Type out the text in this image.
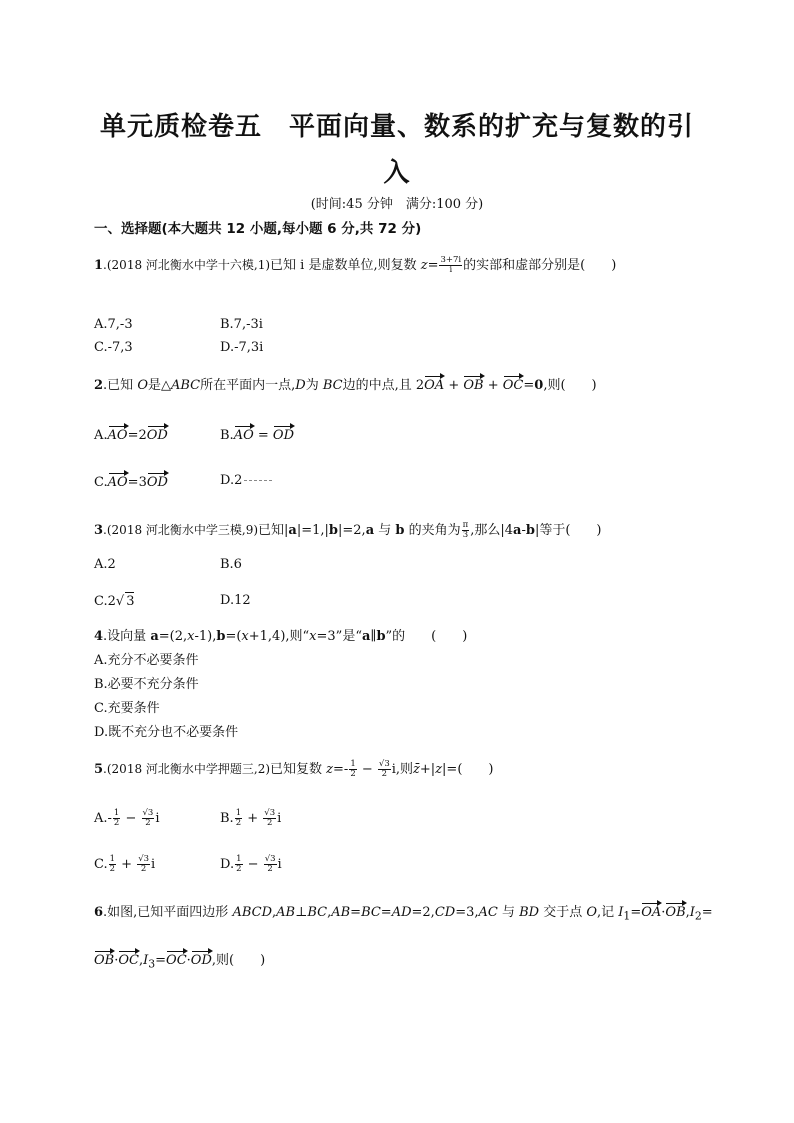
单元质检卷五　平面向量、数系的扩充与复数的引
入
(时间:45 分钟　满分:100 分)
一、选择题(本大题共 12 小题,每小题 6 分,共 72 分)
1.(2018 河北衡水中学十六模,1)已知 i 是虚数单位,则复数 $z= \frac{3+7i}{i}$ 的实部和虚部分别是(　　)
A.7,-3	B.7,-3i
C.-7,3	D.-7,3i
2.已知 O是△ABC所在平面内一点,D为 BC边的中点,且 2OA + OB + OC=0,则(　　)
A.AO=2OD	B.AO = OD
C.AO=3OD	D.2
3.(2018 河北衡水中学三模,9)已知|a|=1,|b|=2,a 与 b 的夹角为 $\frac{\pi}{3}$ ,那么|4a-b|等于(　　)
A.2	B.6
C.2√ 3	D.12
4.设向量 a=(2,x-1),b=(x+1,4),则“x=3”是“a∥b”的　　(　　)
A.充分不必要条件
B.必要不充分条件
C.充要条件
D.既不充分也不必要条件
5.(2018 河北衡水中学押题三,2)已知复数 $z=- \frac{1}{2} - \frac{√3}{2} i$,则z̄+|z|=(　　)
$A.- \frac{1}{2} - \frac{√3}{2}$ i	B. $\frac{1}{2} + \frac{√3}{2}$ i
C. $\frac{1}{2} + \frac{√3}{2}$ i	D. $\frac{1}{2} - \frac{√3}{2}$ i
6.如图,已知平面四边形 ABCD,AB⊥BC,AB=BC=AD=2,CD=3,AC 与 BD 交于点 O,记 $I_1=OA\cdot OB,I_2=$
$OB\cdot OC,I_3=OC\cdot OD$,则(　　)
